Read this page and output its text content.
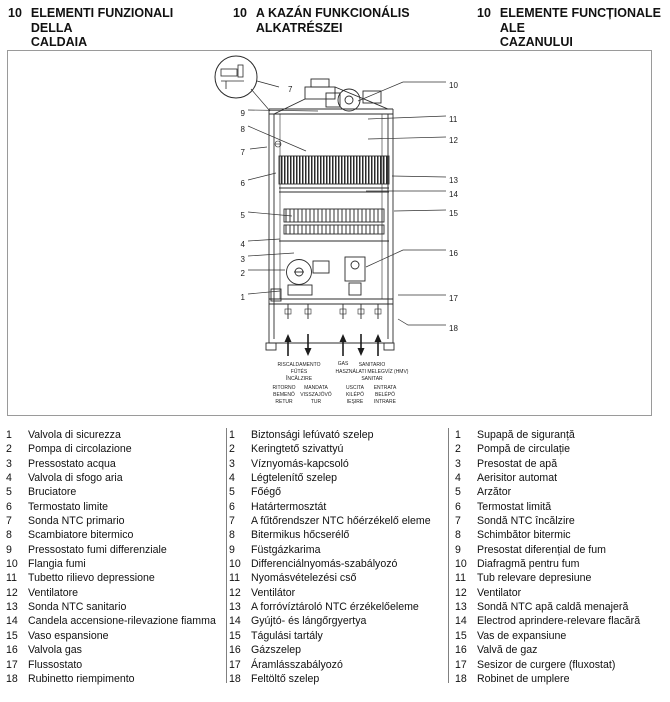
10 ELEMENTI FUNZIONALI DELLA
CALDAIA
10 A KAZÁN FUNKCIONÁLIS
ALKATRÉSZEI
10 ELEMENTE FUNCȚIONALE ALE
CAZANULUI
7
9
8
7
6
5
4
3
2
1
10
11
12
13
14
15
16
17
18
RISCALDAMENTO
FŰTÉS
ÎNCĂLZIRE
RITORNO
BEMENŐ
RETUR
MANDATA
VISSZAJÖVŐ
TUR
GAS SANITARIO
HASZNÁLATI MELEGVÍZ (HMV)
SANITAR
USCITA
KILÉPŐ
IEȘIRE
ENTRATA
BELÉPŐ
INTRARE
1	Valvola di sicurezza
2	Pompa di circolazione
3	Pressostato acqua
4	Valvola di sfogo aria
5	Bruciatore
6	Termostato limite
7	Sonda NTC primario
8	Scambiatore bitermico
9	Pressostato fumi differenziale
10 Flangia fumi
11	Tubetto rilievo depressione
12 Ventilatore
13 Sonda NTC sanitario
14 Candela accensione-rilevazione fiamma
15 Vaso espansione
16 Valvola gas
17 Flussostato
18 Rubinetto riempimento
1	Biztonsági lefúvató szelep
2	Keringtető szivattyú
3	Víznyomás-kapcsoló
4	Légtelenítő szelep
5	Főégő
6	Határtermosztát
7	A fűtőrendszer NTC hőérzékelő eleme
8	Bitermikus hőcserélő
9	Füstgázkarima
10 Differenciálnyomás-szabályozó
11	Nyomásvételezési cső
12 Ventilátor
13 A forróvíztároló NTC érzékelőeleme
14 Gyújtó- és lángőrgyertya
15 Tágulási tartály
16 Gázszelep
17 Áramlásszabályozó
18 Feltöltő szelep
1	Supapă de siguranță
2	Pompă de circulație
3	Presostat de apă
4	Aerisitor automat
5	Arzător
6	Termostat limită
7	Sondă NTC încălzire
8	Schimbător bitermic
9	Presostat diferențial de fum
10 Diafragmă pentru fum
11	Tub relevare depresiune
12 Ventilator
13 Sondă NTC apă caldă menajeră
14 Electrod aprindere-relevare flacără
15 Vas de expansiune
16 Valvă de gaz
17 Sesizor de curgere (fluxostat)
18 Robinet de umplere
